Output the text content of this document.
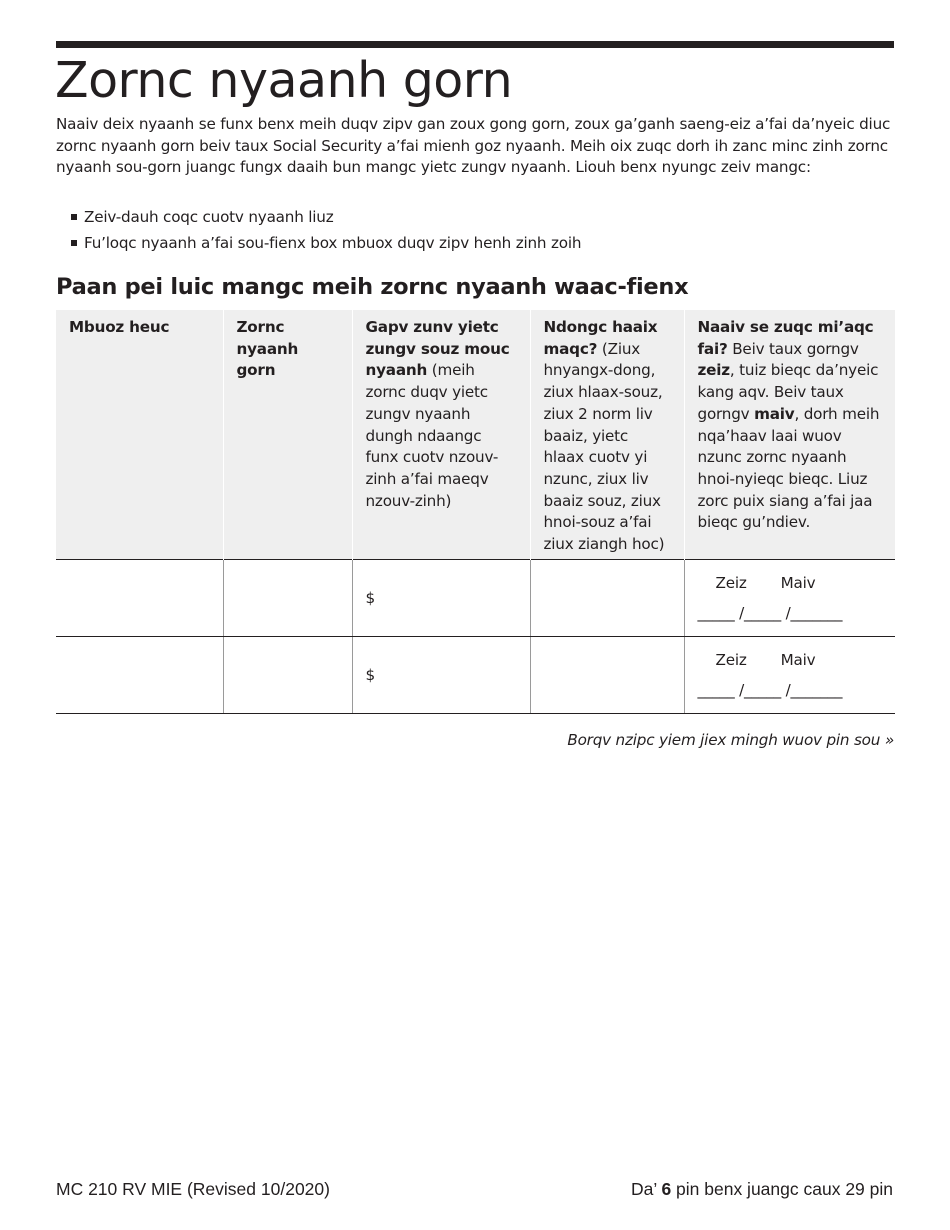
Zornc nyaanh gorn

Naaiv deix nyaanh se funx benx meih duqv zipv gan zoux gong gorn, zoux ga’ganh saeng-eiz a’fai da’nyeic diuc zornc nyaanh gorn beiv taux Social Security a’fai mienh goz nyaanh. Meih oix zuqc dorh ih zanc minc zinh zornc nyaanh sou-gorn juangc fungx daaih bun mangc yietc zungv nyaanh. Liouh benx nyungc zeiv mangc:

Zeiv-dauh coqc cuotv nyaanh liuz
Fu’loqc nyaanh a’fai sou-fienx box mbuox duqv zipv henh zinh zoih
Paan pei luic mangc meih zornc nyaanh waac-fienx
Mbuoz heuc	Zornc nyaanh gorn	Gapv zunv yietc zungv souz mouc nyaanh (meih zornc duqv yietc zungv nyaanh dungh ndaangc funx cuotv nzouv-zinh a’fai maeqv nzouv-zinh)	Ndongc haaix maqc? (Ziux hnyangx-dong, ziux hlaax-souz, ziux 2 norm liv baaiz, yietc hlaax cuotv yi nzunc, ziux liv baaiz souz, ziux hnoi-souz a’fai ziux ziangh hoc)	Naaiv se zuqc mi’aqc fai? Beiv taux gorngv zeiz, tuiz bieqc da’nyeic kang aqv. Beiv taux gorngv maiv, dorh meih nqa’haav laai wuov nzunc zornc nyaanh hnoi-nyieqc bieqc. Liuz zorc puix siang a’fai jaa bieqc gu’ndiev.
		$		Zeiz Maiv
_____ /_____ /_______

		$		Zeiz Maiv
_____ /_____ /_______

Borqv nzipc yiem jiex mingh wuov pin sou »

MC 210 RV MIE (Revised 10/2020)	Da’ 6 pin benx juangc caux 29 pin
